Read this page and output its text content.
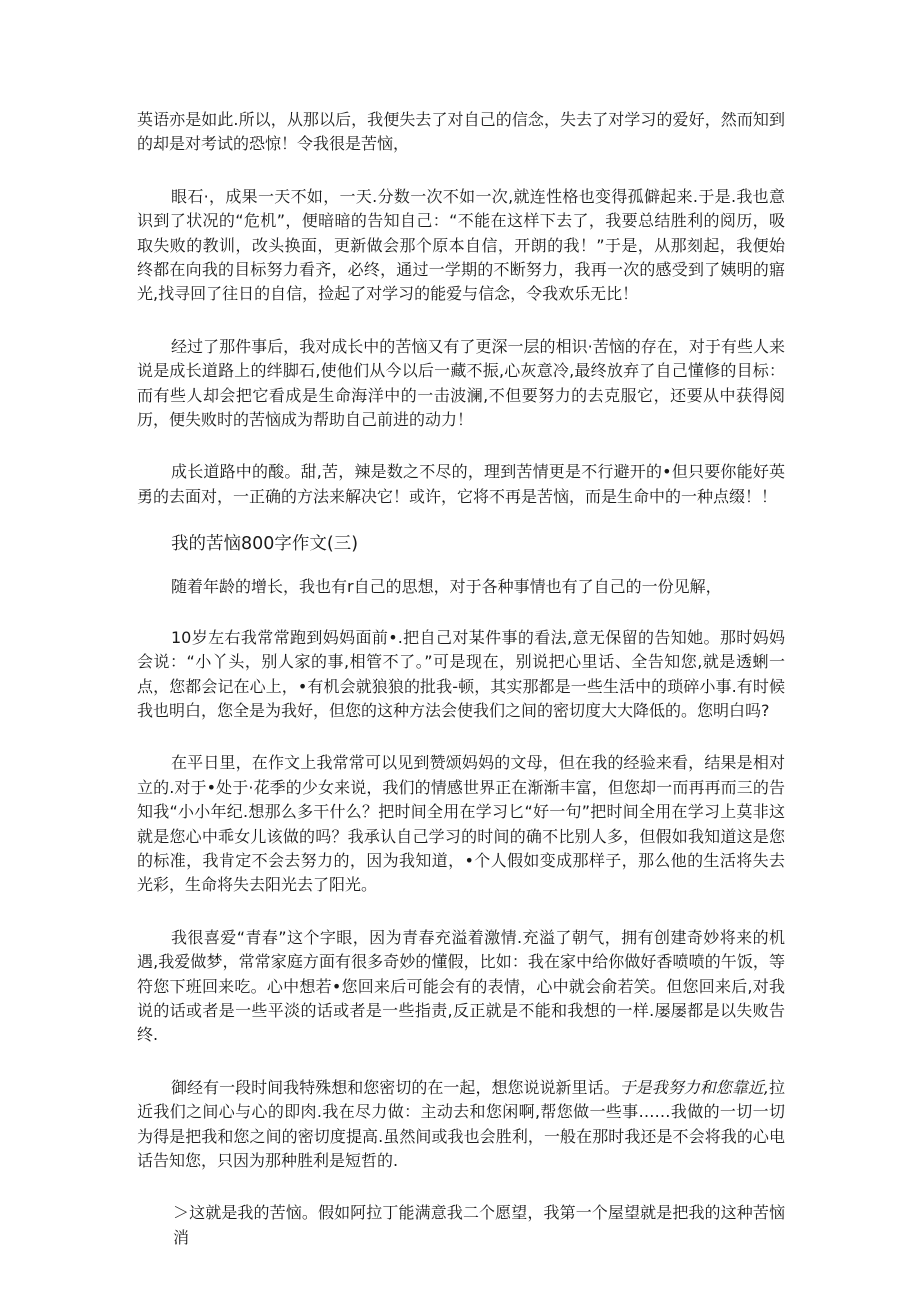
英语亦是如此.所以，从那以后，我便失去了对自己的信念，失去了对学习的爱好，然而知到的却是对考试的恐惊！令我很是苦恼，

眼石·，成果一天不如，一天.分数一次不如一次,就连性格也变得孤僻起来.于是.我也意识到了状况的“危机”，便暗暗的告知自己：“不能在这样下去了，我要总结胜利的阅历，吸取失败的教训，改头换面，更新做会那个原本自信，开朗的我！”于是，从那刻起，我便始终都在向我的目标努力看齐，必终，通过一学期的不断努力，我再一次的感受到了姨明的寤光,找寻回了往日的自信，捡起了对学习的能爱与信念，令我欢乐无比！

经过了那件事后，我对成长中的苦恼又有了更深一层的相识·苦恼的存在，对于有些人来说是成长道路上的绊脚石,使他们从今以后一藏不振,心灰意冷,最终放弃了自己懂修的目标：而有些人却会把它看成是生命海洋中的一击波澜,不但要努力的去克服它，还要从中获得阅历，便失败时的苦恼成为帮助自己前进的动力！

成长道路中的酸。甜,苦，辣是数之不尽的，理到苦情更是不行避开的•但只要你能好英勇的去面对，一正确的方法来解决它！或许，它将不再是苦恼，而是生命中的一种点缀！！

我的苦恼800字作文(三)

随着年龄的增长，我也有r自己的思想，对于各种事情也有了自己的一份见解，

10岁左右我常常跑到妈妈面前•.把自己对某件事的看法,意无保留的告知她。那时妈妈会说：“小丫头，别人家的事,相管不了。”可是现在，别说把心里话、全告知您,就是透蜊一点，您都会记在心上，•有机会就狼狼的批我-顿，其实那都是一些生活中的琐碎小事.有时候我也明白，您全是为我好，但您的这种方法会使我们之间的密切度大大降低的。您明白吗?

在平日里，在作文上我常常可以见到赞颂妈妈的文母，但在我的经验来看，结果是相对立的.对于•处于·花季的少女来说，我们的情感世界正在渐渐丰富，但您却一而再再而三的告知我“小小年纪.想那么多干什么？把时间全用在学习匕“好一句”把时间全用在学习上莫非这就是您心中乖女儿该做的吗？我承认自己学习的时间的确不比别人多，但假如我知道这是您的标准，我肯定不会去努力的，因为我知道，•个人假如变成那样子，那么他的生活将失去光彩，生命将失去阳光去了阳光。

我很喜爱“青春”这个字眼，因为青春充溢着激情.充溢了朝气，拥有创建奇妙将来的机遇,我爱做梦，常常家庭方面有很多奇妙的懂假，比如：我在家中给你做好香喷喷的午饭，等符您下班回来吃。心中想若•您回来后可能会有的表情，心中就会俞若笑。但您回来后,对我说的话或者是一些平淡的话或者是一些指责,反正就是不能和我想的一样.屡屡都是以失败告终.

御经有一段时间我特殊想和您密切的在一起，想您说说新里话。于是我努力和您靠近,拉近我们之间心与心的即肉.我在尽力做：主动去和您闲啊,帮您做一些事……我做的一切一切为得是把我和您之间的密切度提高.虽然间或我也会胜利，一般在那时我还是不会将我的心电话告知您，只因为那种胜利是短哲的.

＞这就是我的苦恼。假如阿拉丁能满意我二个愿望，我第一个屋望就是把我的这种苦恼消
